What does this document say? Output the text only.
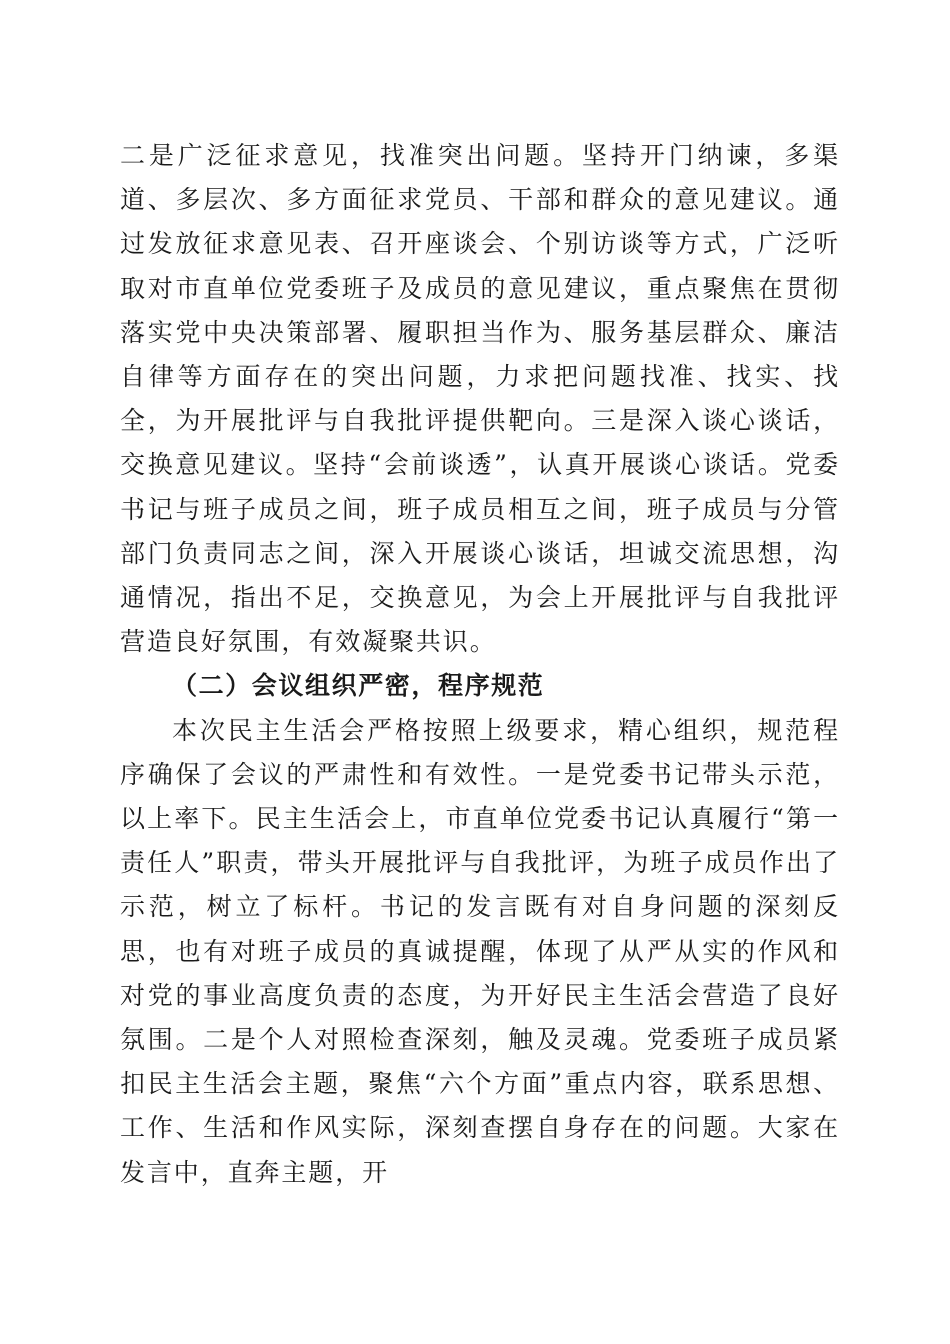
二是广泛征求意见，找准突出问题。坚持开门纳谏，多渠道、多层次、多方面征求党员、干部和群众的意见建议。通过发放征求意见表、召开座谈会、个别访谈等方式，广泛听取对市直单位党委班子及成员的意见建议，重点聚焦在贯彻落实党中央决策部署、履职担当作为、服务基层群众、廉洁自律等方面存在的突出问题，力求把问题找准、找实、找全，为开展批评与自我批评提供靶向。三是深入谈心谈话，交换意见建议。坚持“会前谈透”，认真开展谈心谈话。党委书记与班子成员之间，班子成员相互之间，班子成员与分管部门负责同志之间，深入开展谈心谈话，坦诚交流思想，沟通情况，指出不足，交换意见，为会上开展批评与自我批评营造良好氛围，有效凝聚共识。

（二）会议组织严密，程序规范

本次民主生活会严格按照上级要求，精心组织，规范程序确保了会议的严肃性和有效性。一是党委书记带头示范，以上率下。民主生活会上，市直单位党委书记认真履行“第一责任人”职责，带头开展批评与自我批评，为班子成员作出了示范，树立了标杆。书记的发言既有对自身问题的深刻反思，也有对班子成员的真诚提醒，体现了从严从实的作风和对党的事业高度负责的态度，为开好民主生活会营造了良好氛围。二是个人对照检查深刻，触及灵魂。党委班子成员紧扣民主生活会主题，聚焦“六个方面”重点内容，联系思想、工作、生活和作风实际，深刻查摆自身存在的问题。大家在发言中，直奔主题，开
